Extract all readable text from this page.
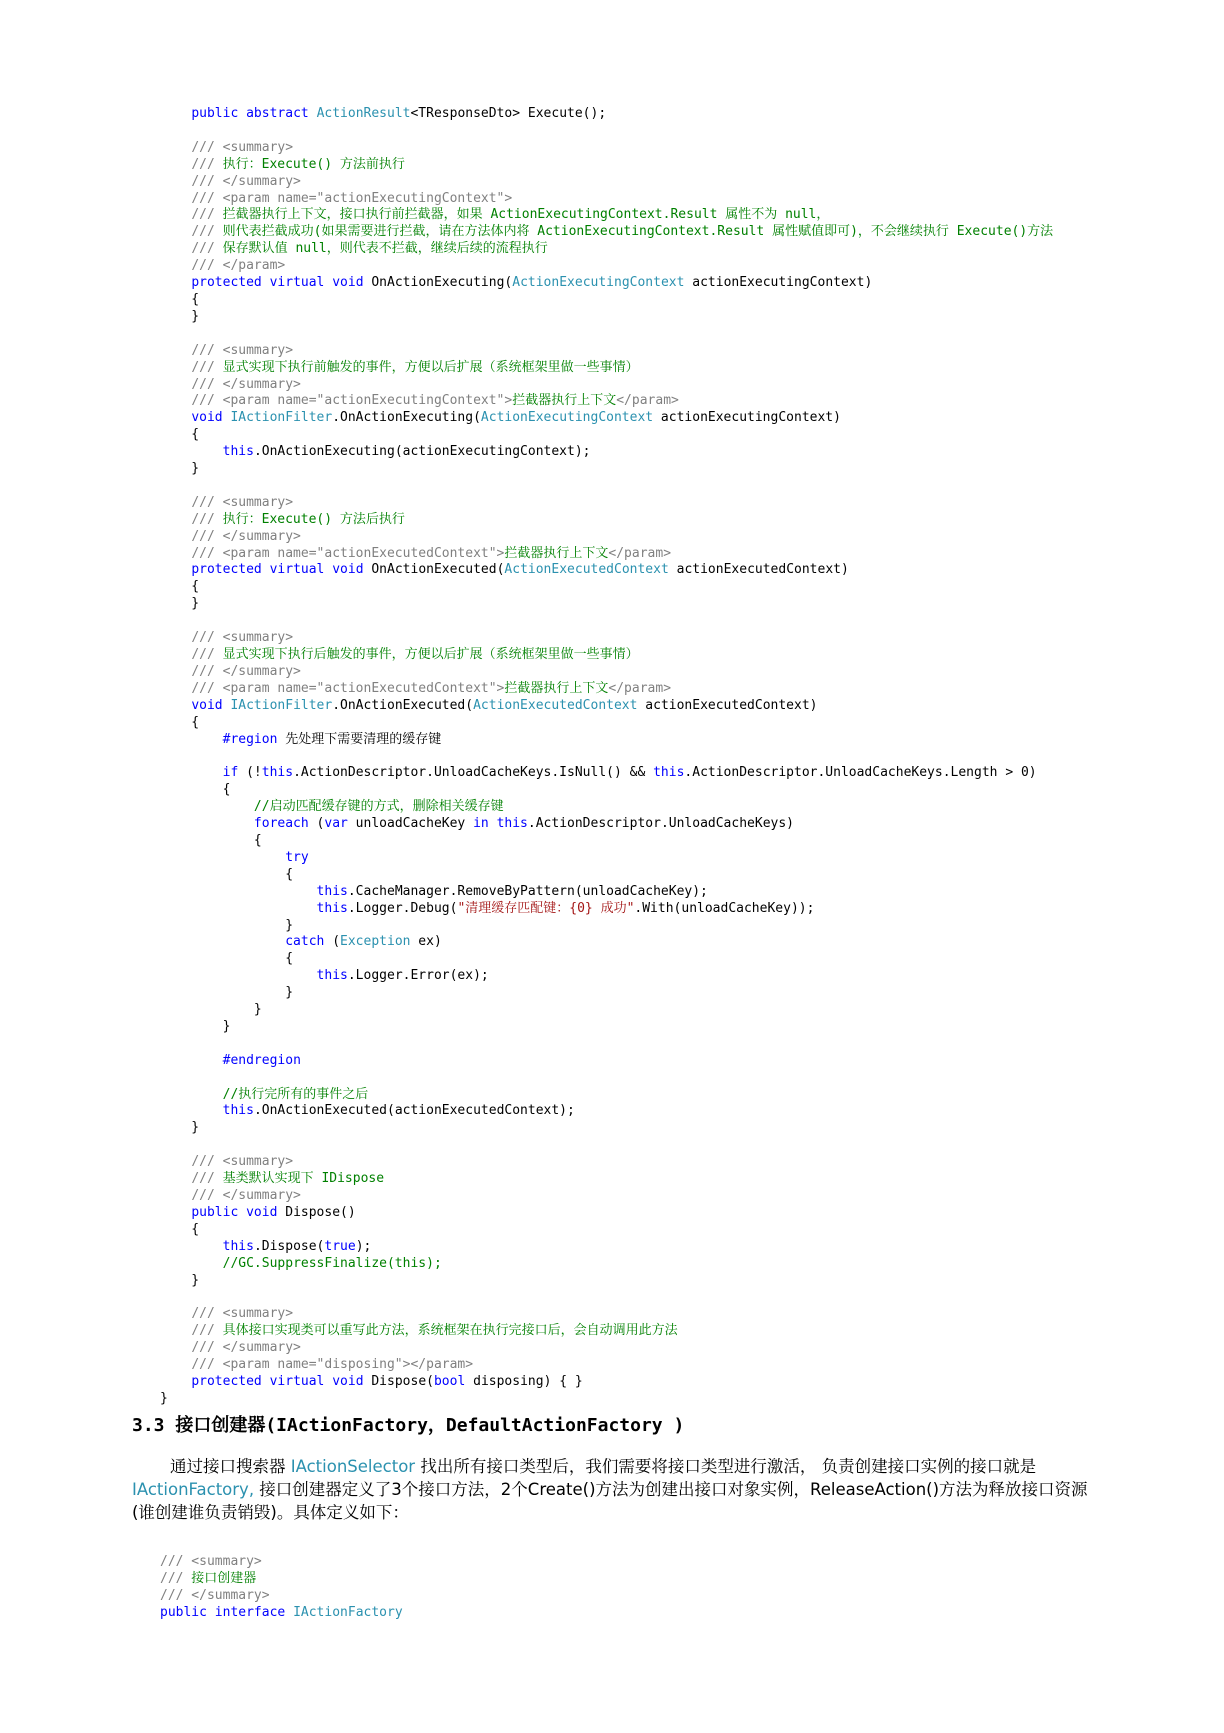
public abstract ActionResult<TResponseDto> Execute();

/// <summary>
/// 执行：Execute() 方法前执行
/// </summary>
/// <param name="actionExecutingContext">
/// 拦截器执行上下文，接口执行前拦截器，如果 ActionExecutingContext.Result 属性不为 null，
/// 则代表拦截成功(如果需要进行拦截，请在方法体内将 ActionExecutingContext.Result 属性赋值即可)，不会继续执行 Execute()方法
/// 保存默认值 null，则代表不拦截，继续后续的流程执行
/// </param>
protected virtual void OnActionExecuting(ActionExecutingContext actionExecutingContext)
{
}

/// <summary>
/// 显式实现下执行前触发的事件，方便以后扩展（系统框架里做一些事情）
/// </summary>
/// <param name="actionExecutingContext">拦截器执行上下文</param>
void IActionFilter.OnActionExecuting(ActionExecutingContext actionExecutingContext)
{
this.OnActionExecuting(actionExecutingContext);
}

/// <summary>
/// 执行：Execute() 方法后执行
/// </summary>
/// <param name="actionExecutedContext">拦截器执行上下文</param>
protected virtual void OnActionExecuted(ActionExecutedContext actionExecutedContext)
{
}

/// <summary>
/// 显式实现下执行后触发的事件，方便以后扩展（系统框架里做一些事情）
/// </summary>
/// <param name="actionExecutedContext">拦截器执行上下文</param>
void IActionFilter.OnActionExecuted(ActionExecutedContext actionExecutedContext)
{
#region 先处理下需要清理的缓存键

if (!this.ActionDescriptor.UnloadCacheKeys.IsNull() && this.ActionDescriptor.UnloadCacheKeys.Length > 0)
{
//启动匹配缓存键的方式，删除相关缓存键
foreach (var unloadCacheKey in this.ActionDescriptor.UnloadCacheKeys)
{
try
{
this.CacheManager.RemoveByPattern(unloadCacheKey);
this.Logger.Debug("清理缓存匹配键：{0} 成功".With(unloadCacheKey));
}
catch (Exception ex)
{
this.Logger.Error(ex);
}
}
}

#endregion

//执行完所有的事件之后
this.OnActionExecuted(actionExecutedContext);
}

/// <summary>
/// 基类默认实现下 IDispose
/// </summary>
public void Dispose()
{
this.Dispose(true);
//GC.SuppressFinalize(this);
}

/// <summary>
/// 具体接口实现类可以重写此方法，系统框架在执行完接口后，会自动调用此方法
/// </summary>
/// <param name="disposing"></param>
protected virtual void Dispose(bool disposing) { }
}
3.3 接口创建器(IActionFactory，DefaultActionFactory )

通过接口搜索器 IActionSelector 找出所有接口类型后，我们需要将接口类型进行激活， 负责创建接口实例的接口就是 IActionFactory, 接口创建器定义了3个接口方法，2个Create()方法为创建出接口对象实例，ReleaseAction()方法为释放接口资源(谁创建谁负责销毁)。具体定义如下：

/// <summary>
/// 接口创建器
/// </summary>
public interface IActionFactory
